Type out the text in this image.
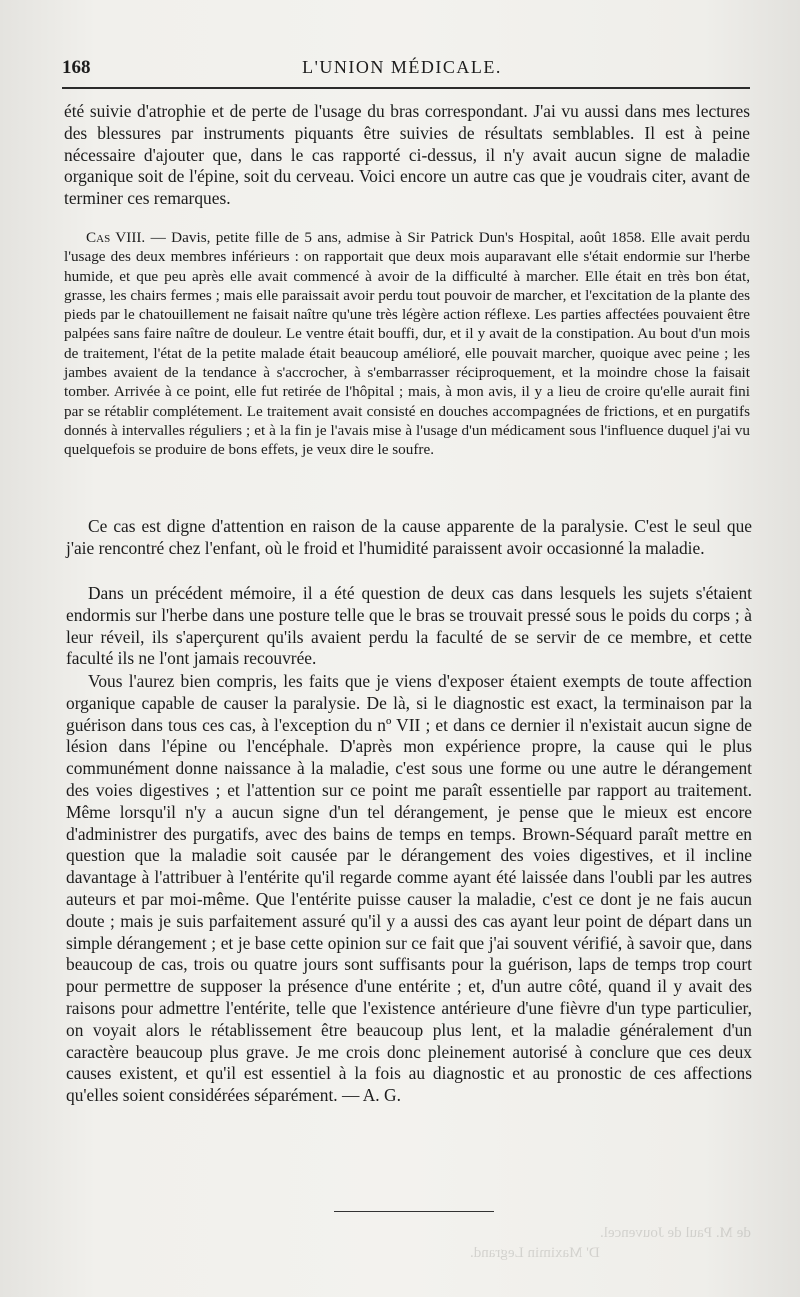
D' Maximin Legrand.
de M. Paul de Jouvencel.
168	L'UNION MÉDICALE.

été suivie d'atrophie et de perte de l'usage du bras correspondant. J'ai vu aussi dans mes lectures des blessures par instruments piquants être suivies de résultats semblables. Il est à peine nécessaire d'ajouter que, dans le cas rapporté ci-dessus, il n'y avait aucun signe de maladie organique soit de l'épine, soit du cerveau. Voici encore un autre cas que je voudrais citer, avant de terminer ces remarques.

Cas VIII. — Davis, petite fille de 5 ans, admise à Sir Patrick Dun's Hospital, août 1858. Elle avait perdu l'usage des deux membres inférieurs : on rapportait que deux mois auparavant elle s'était endormie sur l'herbe humide, et que peu après elle avait commencé à avoir de la difficulté à marcher. Elle était en très bon état, grasse, les chairs fermes ; mais elle paraissait avoir perdu tout pouvoir de marcher, et l'excitation de la plante des pieds par le chatouillement ne faisait naître qu'une très légère action réflexe. Les parties affectées pouvaient être palpées sans faire naître de douleur. Le ventre était bouffi, dur, et il y avait de la constipation. Au bout d'un mois de traitement, l'état de la petite malade était beaucoup amélioré, elle pouvait marcher, quoique avec peine ; les jambes avaient de la tendance à s'accrocher, à s'embarrasser réciproquement, et la moindre chose la faisait tomber. Arrivée à ce point, elle fut retirée de l'hôpital ; mais, à mon avis, il y a lieu de croire qu'elle aurait fini par se rétablir complétement. Le traitement avait consisté en douches accompagnées de frictions, et en purgatifs donnés à intervalles réguliers ; et à la fin je l'avais mise à l'usage d'un médicament sous l'influence duquel j'ai vu quelquefois se produire de bons effets, je veux dire le soufre.

Ce cas est digne d'attention en raison de la cause apparente de la paralysie. C'est le seul que j'aie rencontré chez l'enfant, où le froid et l'humidité paraissent avoir occasionné la maladie.

Dans un précédent mémoire, il a été question de deux cas dans lesquels les sujets s'étaient endormis sur l'herbe dans une posture telle que le bras se trouvait pressé sous le poids du corps ; à leur réveil, ils s'aperçurent qu'ils avaient perdu la faculté de se servir de ce membre, et cette faculté ils ne l'ont jamais recouvrée.

Vous l'aurez bien compris, les faits que je viens d'exposer étaient exempts de toute affection organique capable de causer la paralysie. De là, si le diagnostic est exact, la terminaison par la guérison dans tous ces cas, à l'exception du nº VII ; et dans ce dernier il n'existait aucun signe de lésion dans l'épine ou l'encéphale. D'après mon expérience propre, la cause qui le plus communément donne naissance à la maladie, c'est sous une forme ou une autre le dérangement des voies digestives ; et l'attention sur ce point me paraît essentielle par rapport au traitement. Même lorsqu'il n'y a aucun signe d'un tel dérangement, je pense que le mieux est encore d'administrer des purgatifs, avec des bains de temps en temps. Brown-Séquard paraît mettre en question que la maladie soit causée par le dérangement des voies digestives, et il incline davantage à l'attribuer à l'entérite qu'il regarde comme ayant été laissée dans l'oubli par les autres auteurs et par moi-même. Que l'entérite puisse causer la maladie, c'est ce dont je ne fais aucun doute ; mais je suis parfaitement assuré qu'il y a aussi des cas ayant leur point de départ dans un simple dérangement ; et je base cette opinion sur ce fait que j'ai souvent vérifié, à savoir que, dans beaucoup de cas, trois ou quatre jours sont suffisants pour la guérison, laps de temps trop court pour permettre de supposer la présence d'une entérite ; et, d'un autre côté, quand il y avait des raisons pour admettre l'entérite, telle que l'existence antérieure d'une fièvre d'un type particulier, on voyait alors le rétablissement être beaucoup plus lent, et la maladie généralement d'un caractère beaucoup plus grave. Je me crois donc pleinement autorisé à conclure que ces deux causes existent, et qu'il est essentiel à la fois au diagnostic et au pronostic de ces affections qu'elles soient considérées séparément. — A. G.
